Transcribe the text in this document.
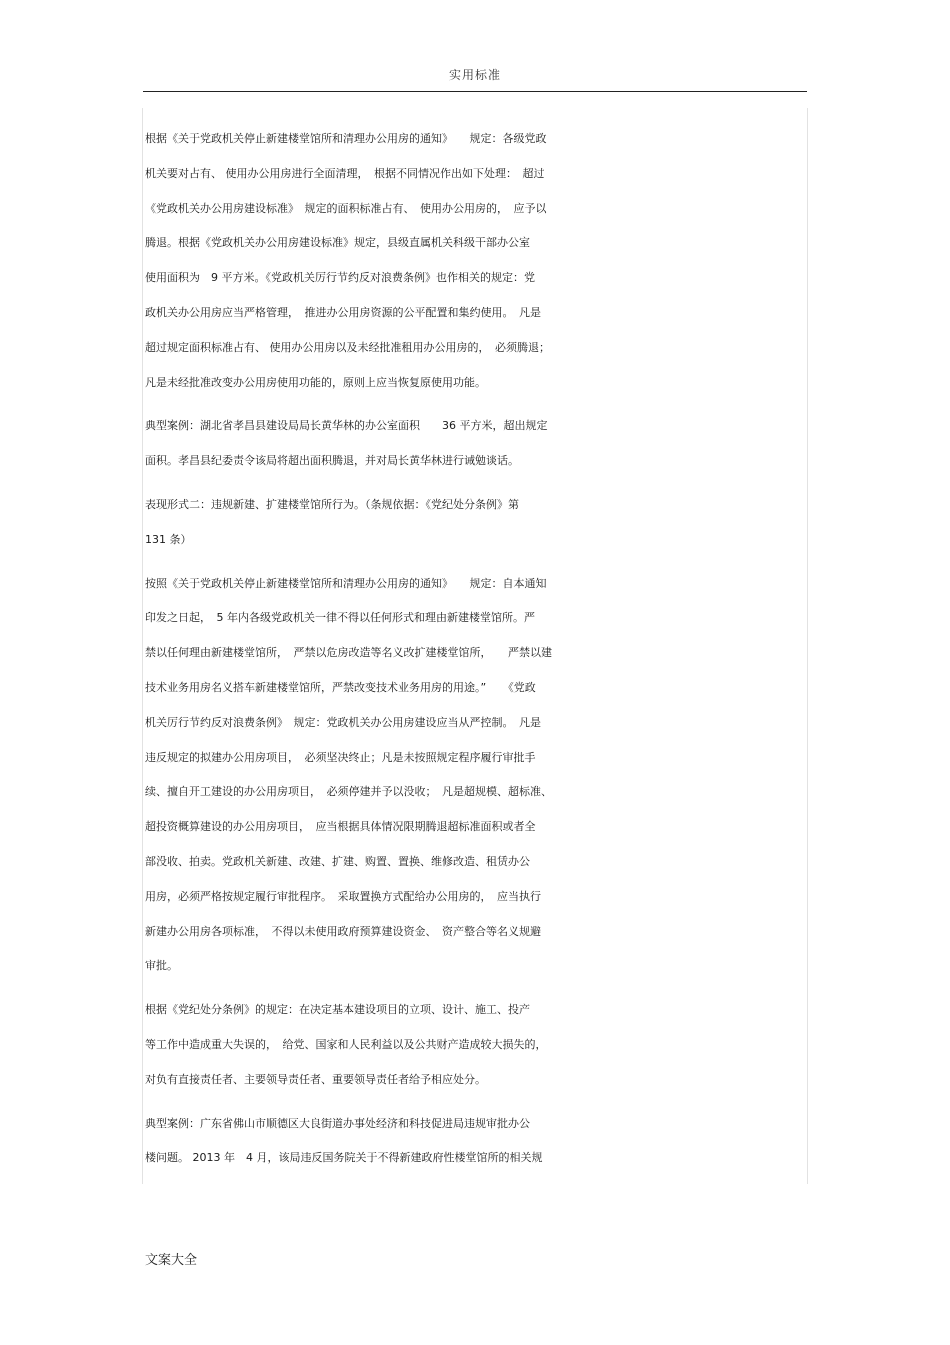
实用标准

根据《关于党政机关停止新建楼堂馆所和清理办公用房的通知》　　规定：各级党政
机关要对占有、 使用办公用房进行全面清理，　根据不同情况作出如下处理：　超过
《党政机关办公用房建设标准》　规定的面积标准占有、　使用办公用房的，　应予以
腾退。根据《党政机关办公用房建设标准》规定，县级直属机关科级干部办公室
使用面积为　9 平方米。《党政机关厉行节约反对浪费条例》也作相关的规定：党
政机关办公用房应当严格管理，　推进办公用房资源的公平配置和集约使用。　凡是
超过规定面积标准占有、 使用办公用房以及未经批准租用办公用房的，　必须腾退；
凡是未经批准改变办公用房使用功能的，原则上应当恢复原使用功能。

典型案例：湖北省孝昌县建设局局长黄华林的办公室面积　　36 平方米，超出规定
面积。孝昌县纪委责令该局将超出面积腾退，并对局长黄华林进行诫勉谈话。

表现形式二：违规新建、扩建楼堂馆所行为。（条规依据：《党纪处分条例》第
131 条）

按照《关于党政机关停止新建楼堂馆所和清理办公用房的通知》　　规定：自本通知
印发之日起，　5 年内各级党政机关一律不得以任何形式和理由新建楼堂馆所。严
禁以任何理由新建楼堂馆所，　严禁以危房改造等名义改扩建楼堂馆所，　　严禁以建
技术业务用房名义搭车新建楼堂馆所，严禁改变技术业务用房的用途。”　　《党政
机关厉行节约反对浪费条例》　规定：党政机关办公用房建设应当从严控制。　凡是
违反规定的拟建办公用房项目，　必须坚决终止；凡是未按照规定程序履行审批手
续、擅自开工建设的办公用房项目，　必须停建并予以没收；　凡是超规模、超标准、
超投资概算建设的办公用房项目，　应当根据具体情况限期腾退超标准面积或者全
部没收、拍卖。党政机关新建、改建、扩建、购置、置换、维修改造、租赁办公
用房，必须严格按规定履行审批程序。　采取置换方式配给办公用房的，　应当执行
新建办公用房各项标准，　不得以未使用政府预算建设资金、　资产整合等名义规避
审批。

根据《党纪处分条例》的规定：在决定基本建设项目的立项、设计、施工、投产
等工作中造成重大失误的，　给党、国家和人民利益以及公共财产造成较大损失的，
对负有直接责任者、主要领导责任者、重要领导责任者给予相应处分。

典型案例：广东省佛山市顺德区大良街道办事处经济和科技促进局违规审批办公
楼问题。 2013 年　4 月，该局违反国务院关于不得新建政府性楼堂馆所的相关规

文案大全
